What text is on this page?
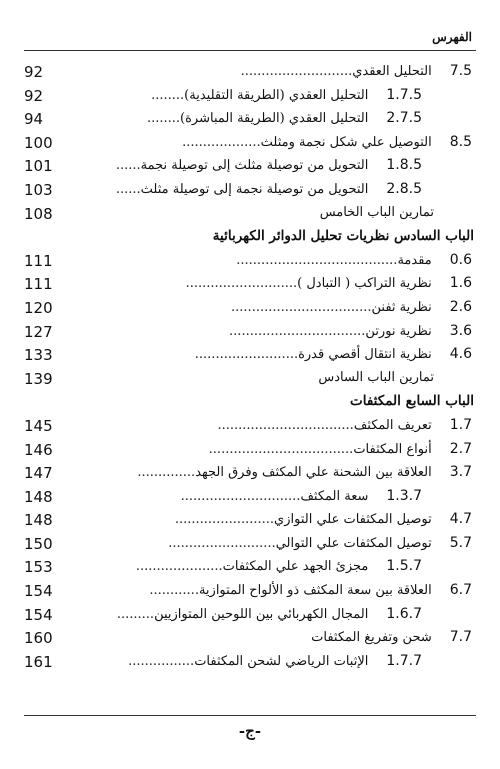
الفهرس
92	7.5التحليل العقدي...........................
92	1.7.5التحليل العقدي (الطريقة التقليدية)........
94	2.7.5التحليل العقدي (الطريقة المباشرة)........
100	8.5التوصيل علي شكل نجمة ومثلث...................
101	1.8.5التحويل من توصيلة مثلث إلى توصيلة نجمة......
103	2.8.5التحويل من توصيلة نجمة إلى توصيلة مثلث......
108	تمارين الباب الخامس
الباب السادس نظريات تحليل الدوائر الكهربائية
111	0.6مقدمة.......................................
111	1.6نظرية التراكب ( التبادل )...........................
120	2.6نظرية ثفنن..................................
127	3.6نظرية نورتن.................................
133	4.6نظرية انتقال أقصي قدرة.........................
139	تمارين الباب السادس
الباب السابع المكثفات
145	1.7تعريف المكثف.................................
146	2.7أنواع المكثفات...................................
147	3.7العلاقة بين الشحنة علي المكثف وفرق الجهد..............
148	1.3.7سعة المكثف.............................
148	4.7توصيل المكثفات علي التوازي........................
150	5.7توصيل المكثفات علي التوالي..........................
153	1.5.7مجزئ الجهد علي المكثفات.....................
154	6.7العلاقة بين سعة المكثف ذو الألواح المتوازية............
154	1.6.7المجال الكهربائي بين اللوحين المتوازيين.........
160	7.7شحن وتفريغ المكثفات
161	1.7.7الإثبات الرياضي لشحن المكثفات................
-ج-
